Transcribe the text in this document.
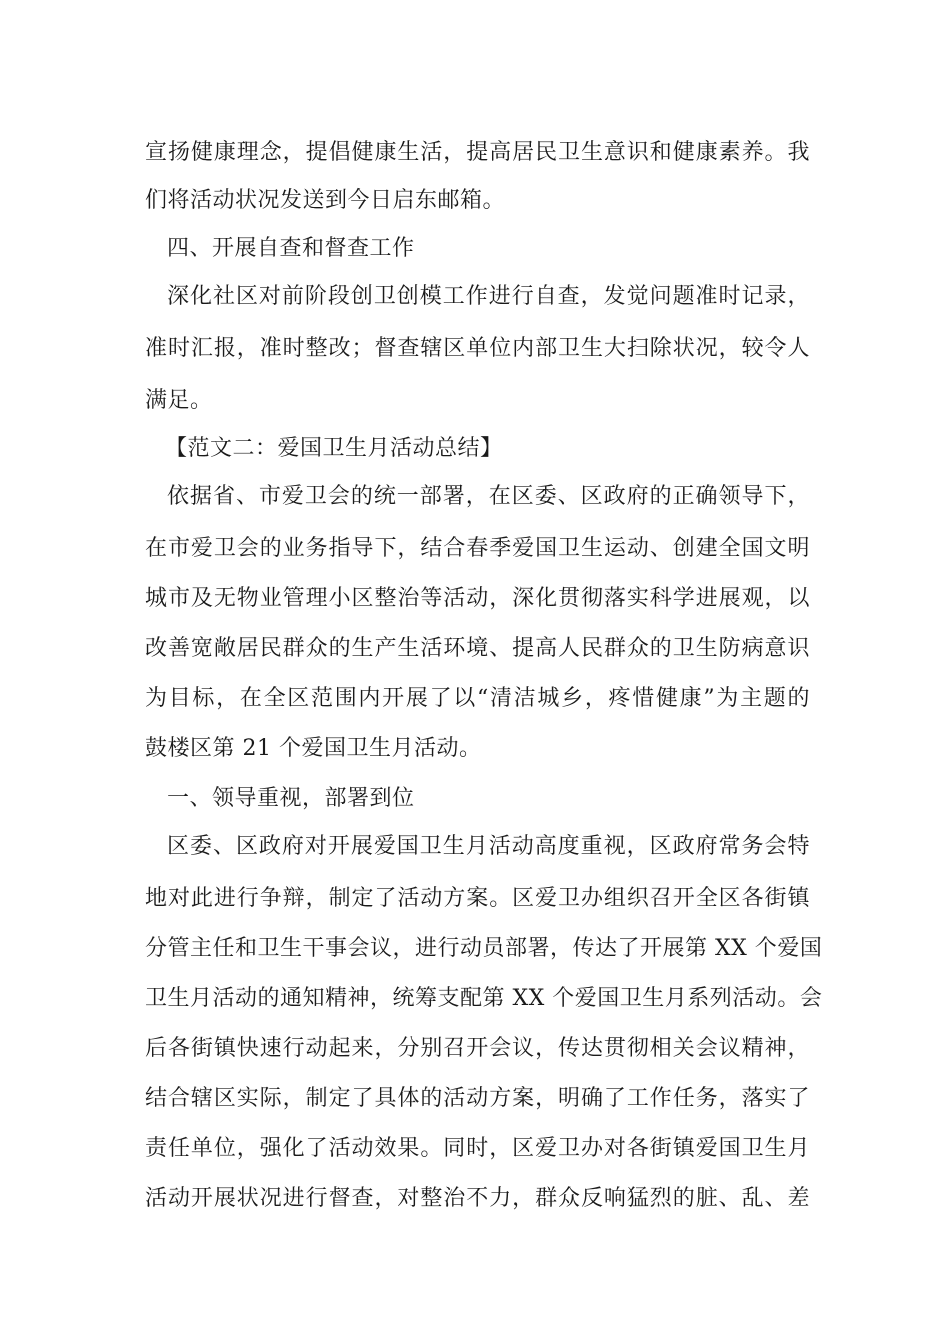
宣扬健康理念，提倡健康生活，提高居民卫生意识和健康素养。我
们将活动状况发送到今日启东邮箱。
四、开展自查和督查工作
深化社区对前阶段创卫创模工作进行自查，发觉问题准时记录，
准时汇报，准时整改；督查辖区单位内部卫生大扫除状况，较令人
满足。
【范文二：爱国卫生月活动总结】
依据省、市爱卫会的统一部署，在区委、区政府的正确领导下，
在市爱卫会的业务指导下，结合春季爱国卫生运动、创建全国文明
城市及无物业管理小区整治等活动，深化贯彻落实科学进展观，以
改善宽敞居民群众的生产生活环境、提高人民群众的卫生防病意识
为目标，在全区范围内开展了以“清洁城乡，疼惜健康”为主题的
鼓楼区第 21 个爱国卫生月活动。
一、领导重视，部署到位
区委、区政府对开展爱国卫生月活动高度重视，区政府常务会特
地对此进行争辩，制定了活动方案。区爱卫办组织召开全区各街镇
分管主任和卫生干事会议，进行动员部署，传达了开展第 XX 个爱国
卫生月活动的通知精神，统筹支配第 XX 个爱国卫生月系列活动。会
后各街镇快速行动起来，分别召开会议，传达贯彻相关会议精神，
结合辖区实际，制定了具体的活动方案，明确了工作任务，落实了
责任单位，强化了活动效果。同时，区爱卫办对各街镇爱国卫生月
活动开展状况进行督查，对整治不力，群众反响猛烈的脏、乱、差
